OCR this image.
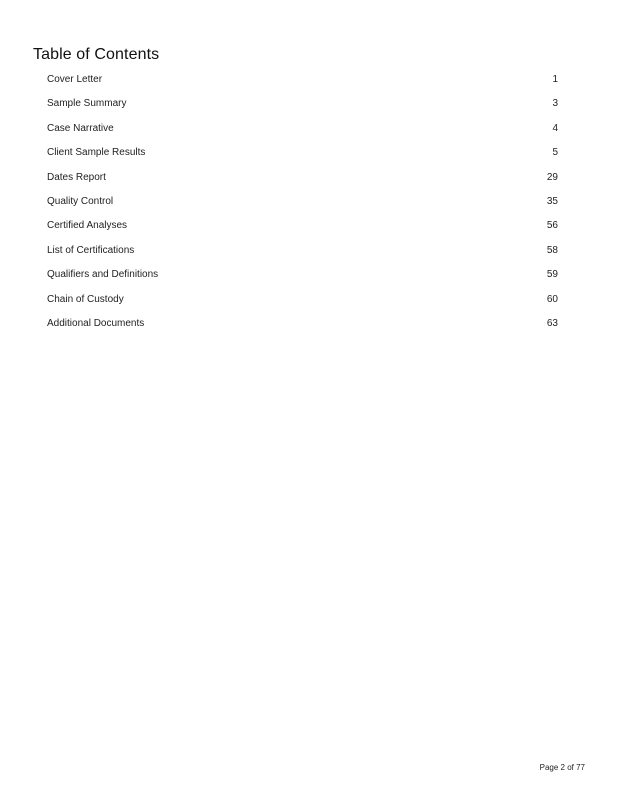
Table of Contents
Cover Letter	1
Sample Summary	3
Case Narrative	4
Client Sample Results	5
Dates Report	29
Quality Control	35
Certified Analyses	56
List of Certifications	58
Qualifiers and Definitions	59
Chain of Custody	60
Additional Documents	63
Page 2 of 77
